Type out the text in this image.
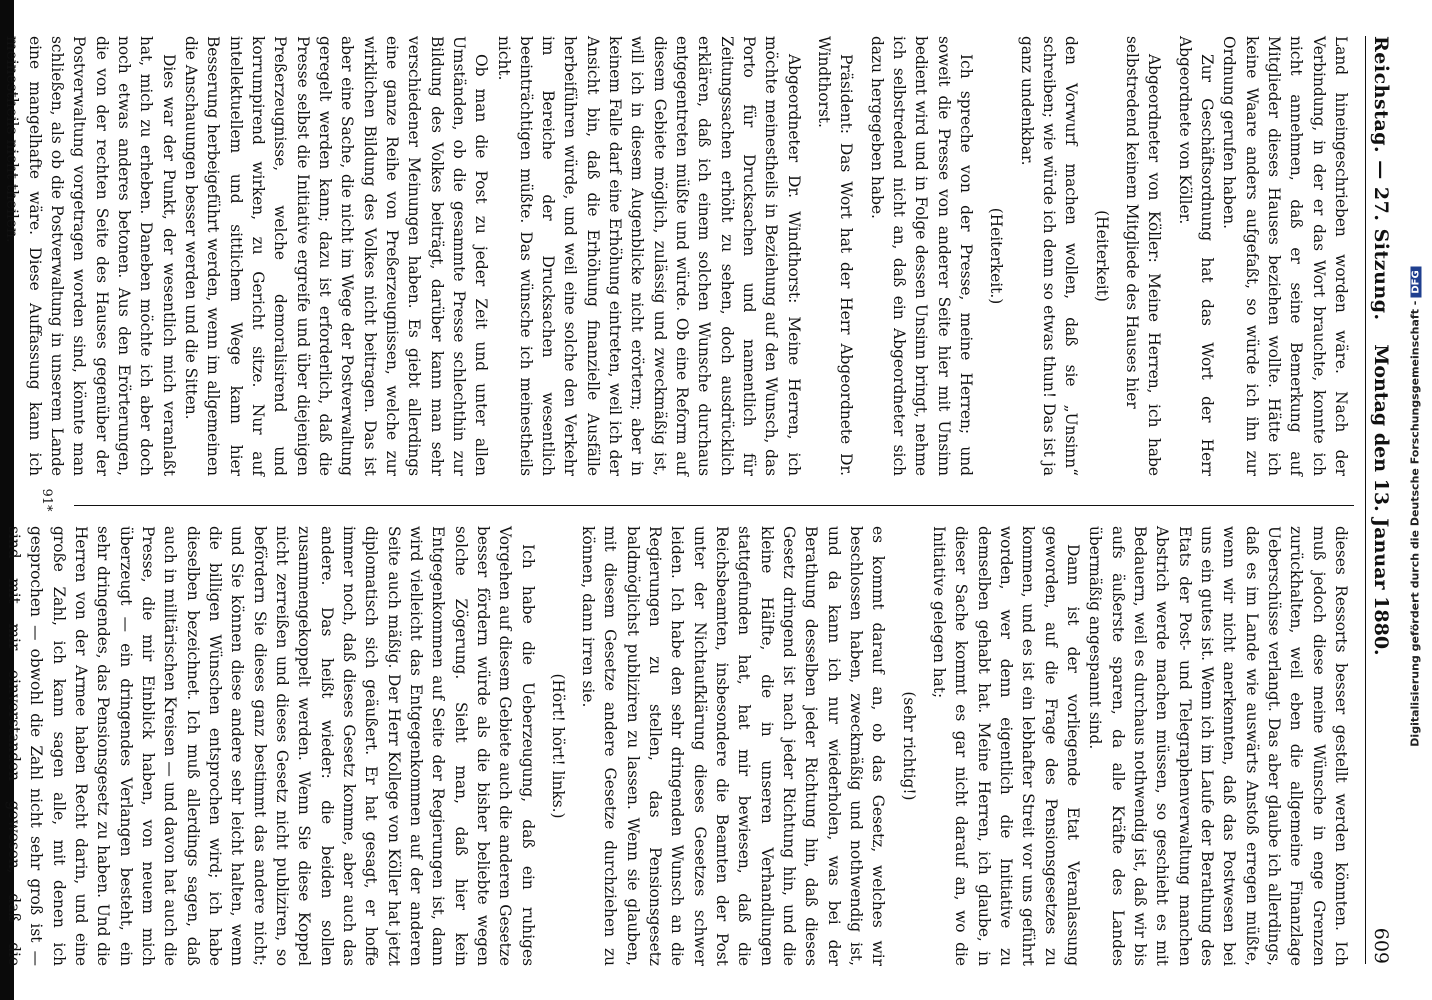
Digitalisierung gefördert durch die Deutsche Forschungsgemeinschaft -DFG
Reichstag. — 27. Sitzung.
Montag den 13. Januar 1880.
609

Land hineingeschrieben worden wäre. Nach der Verbindung, in der er das Wort brauchte, konnte ich nicht annehmen, daß er seine Bemerkung auf Mitglieder dieses Hauses beziehen wollte. Hätte ich keine Waare anders aufgefaßt, so würde ich ihn zur Ordnung gerufen haben.

Zur Geschäftsordnung hat das Wort der Herr Abgeordnete von Köller.

Abgeordneter von Köller: Meine Herren, ich habe selbstredend keinem Mitgliede des Hauses hier

(Heiterkeit)

den Vorwurf machen wollen, daß sie „Unsinn“ schreiben; wie würde ich denn so etwas thun! Das ist ja ganz undenkbar.

(Heiterkeit.)

Ich spreche von der Presse, meine Herren; und soweit die Presse von anderer Seite hier mit Unsinn bedient wird und in Folge dessen Unsinn bringt, nehme ich selbstredend nicht an, daß ein Abgeordneter sich dazu hergegeben habe.

Präsident: Das Wort hat der Herr Abgeordnete Dr. Windthorst.

Abgeordneter Dr. Windthorst: Meine Herren, ich möchte meinestheils in Beziehung auf den Wunsch, das Porto für Drucksachen und namentlich für Zeitungssachen erhöht zu sehen, doch ausdrücklich erklären, daß ich einem solchen Wunsche durchaus entgegentreten müßte und würde. Ob eine Reform auf diesem Gebiete möglich, zulässig und zweckmäßig ist, will ich in diesem Augenblicke nicht erörtern; aber in keinem Falle darf eine Erhöhung eintreten, weil ich der Ansicht bin, daß die Erhöhung finanzielle Ausfälle herbeiführen würde, und weil eine solche den Verkehr im Bereiche der Drucksachen wesentlich beeinträchtigen müßte. Das wünsche ich meinestheils nicht.

Ob man die Post zu jeder Zeit und unter allen Umständen, ob die gesammte Presse schlechthin zur Bildung des Volkes beiträgt, darüber kann man sehr verschiedener Meinungen haben. Es giebt allerdings eine ganze Reihe von Preßerzeugnissen, welche zur wirklichen Bildung des Volkes nicht beitragen. Das ist aber eine Sache, die nicht im Wege der Postverwaltung geregelt werden kann; dazu ist erforderlich, daß die Presse selbst die Initiative ergreife und über diejenigen Preßerzeugnisse, welche demoralisirend und korrumpirend wirken, zu Gericht sitze. Nur auf intellektuellem und sittlichem Wege kann hier Besserung herbeigeführt werden, wenn im allgemeinen die Anschauungen besser werden und die Sitten.

Dies war der Punkt, der wesentlich mich veranlaßt hat, mich zu erheben. Daneben möchte ich aber doch noch etwas anderes betonen. Aus den Erörterungen, die von der rechten Seite des Hauses gegenüber der Postverwaltung vorgetragen worden sind, könnte man schließen, als ob die Postverwaltung in unserem Lande eine mangelhafte wäre. Diese Auffassung kann ich meinestheils nicht theilen.

dieses Ressorts besser gestellt werden könnten. Ich muß jedoch diese meine Wünsche in enge Grenzen zurückhalten, weil eben die allgemeine Finanzlage Ueberschüsse verlangt. Das aber glaube ich allerdings, daß es im Lande wie auswärts Anstoß erregen müßte, wenn wir nicht anerkennten, daß das Postwesen bei uns ein gutes ist. Wenn ich im Laufe der Berathung des Etats der Post- und Telegraphenverwaltung manchen Abstrich werde machen müssen, so geschieht es mit Bedauern, weil es durchaus nothwendig ist, daß wir bis aufs äußerste sparen, da alle Kräfte des Landes übermäßig angespannt sind.

Dann ist der vorliegende Etat Veranlassung geworden, auf die Frage des Pensionsgesetzes zu kommen, und es ist ein lebhafter Streit vor uns geführt worden, wer denn eigentlich die Initiative zu demselben gehabt hat. Meine Herren, ich glaube, in dieser Sache kommt es gar nicht darauf an, wo die Initiative gelegen hat;

(sehr richtig!)

es kommt darauf an, ob das Gesetz, welches wir beschlossen haben, zweckmäßig und nothwendig ist, und da kann ich nur wiederholen, was bei der Berathung desselben jeder Richtung hin, daß dieses Gesetz dringend ist nach jeder Richtung hin, und die kleine Hälfte, die in unseren Verhandlungen stattgefunden hat, hat mir bewiesen, daß die Reichsbeamten, insbesondere die Beamten der Post unter der Nichtaufklärung dieses Gesetzes schwer leiden. Ich habe den sehr dringenden Wunsch an die Regierungen zu stellen, das Pensionsgesetz baldmöglichst publiziren zu lassen. Wenn sie glauben, mit diesem Gesetze andere Gesetze durchziehen zu können, dann irren sie.

(Hört! hört! links.)

Ich habe die Ueberzeugung, daß ein ruhiges Vorgehen auf diesem Gebiete auch die anderen Gesetze besser fördern würde als die bisher beliebte wegen solche Zögerung. Sieht man, daß hier kein Entgegenkommen auf Seite der Regierungen ist, dann wird vielleicht das Entgegenkommen auf der anderen Seite auch mäßig. Der Herr Kollege von Köller hat jetzt diplomatisch sich geäußert. Er hat gesagt, er hoffe immer noch, daß dieses Gesetz komme, aber auch das andere. Das heißt wieder: die beiden sollen zusammengekoppelt werden. Wenn Sie diese Koppel nicht zerreißen und dieses Gesetz nicht publiziren, so befördern Sie dieses ganz bestimmt das andere nicht; und Sie können diese andere sehr leicht halten, wenn die billigen Wünschen entsprochen wird; ich habe dieselben bezeichnet. Ich muß allerdings sagen, daß auch in militärischen Kreisen — und davon hat auch die Presse, die mir Einblick haben, von neuem mich überzeugt — ein dringendes Verlangen besteht, ein sehr dringendes, das Pensionsgesetz zu haben. Und die Herren von der Armee haben Recht darin, und eine große Zahl, ich kann sagen alle, mit denen ich gesprochen — obwohl die Zahl nicht sehr groß ist — sind mit mir einverstanden gewesen, daß die

91*
